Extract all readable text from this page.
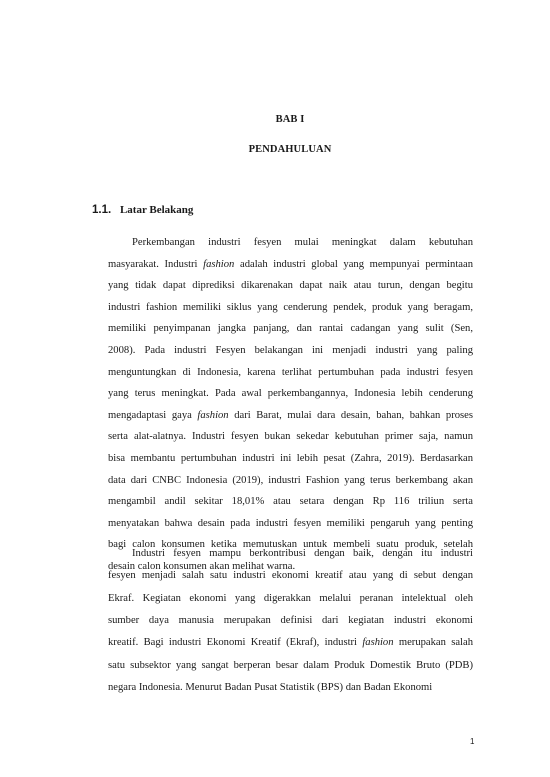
BAB I
PENDAHULUAN
1.1. Latar Belakang
Perkembangan industri fesyen mulai meningkat dalam kebutuhan
masyarakat. Industri fashion adalah industri global yang mempunyai permintaan
yang tidak dapat diprediksi dikarenakan dapat naik atau turun, dengan begitu
industri fashion memiliki siklus yang cenderung pendek, produk yang beragam,
memiliki penyimpanan jangka panjang, dan rantai cadangan yang sulit (Sen,
2008). Pada industri Fesyen belakangan ini menjadi industri yang paling
menguntungkan di Indonesia, karena terlihat pertumbuhan pada industri fesyen
yang terus meningkat. Pada awal perkembangannya, Indonesia lebih cenderung
mengadaptasi gaya fashion dari Barat, mulai dara desain, bahan, bahkan proses
serta alat-alatnya. Industri fesyen bukan sekedar kebutuhan primer saja, namun
bisa membantu pertumbuhan industri ini lebih pesat (Zahra, 2019). Berdasarkan
data dari CNBC Indonesia (2019), industri Fashion yang terus berkembang akan
mengambil andil sekitar 18,01% atau setara dengan Rp 116 triliun serta
menyatakan bahwa desain pada industri fesyen memiliki pengaruh yang penting
bagi calon konsumen ketika memutuskan untuk membeli suatu produk, setelah
desain calon konsumen akan melihat warna.
Industri fesyen mampu berkontribusi dengan baik, dengan itu industri
fesyen menjadi salah satu industri ekonomi kreatif atau yang di sebut dengan
Ekraf. Kegiatan ekonomi yang digerakkan melalui peranan intelektual oleh
sumber daya manusia merupakan definisi dari kegiatan industri ekonomi
kreatif. Bagi industri Ekonomi Kreatif (Ekraf), industri fashion merupakan salah
satu subsektor yang sangat berperan besar dalam Produk Domestik Bruto (PDB)
negara Indonesia. Menurut Badan Pusat Statistik (BPS) dan Badan Ekonomi
1
